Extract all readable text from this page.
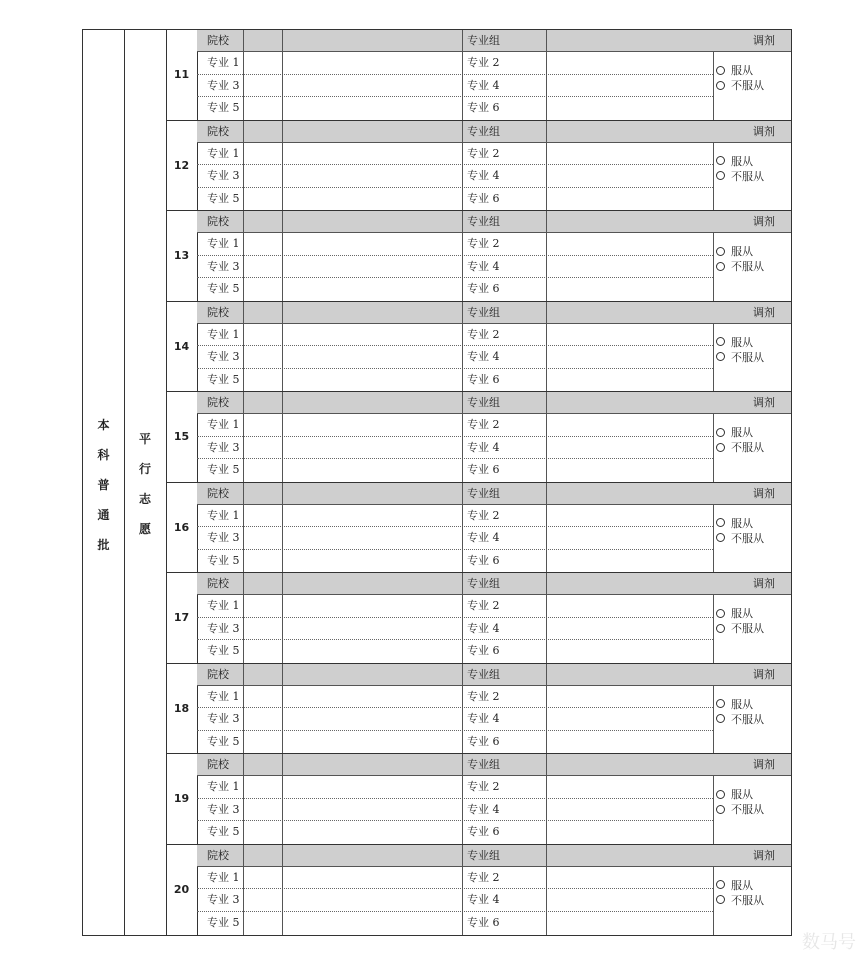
本
科
普
通
批
平
行
志
愿
11
院校	专业组	调剂
专业 1	专业 2
专业 3	专业 4
专业 5	专业 6
服从
不服从
12
院校	专业组	调剂
专业 1	专业 2
专业 3	专业 4
专业 5	专业 6
服从
不服从
13
院校	专业组	调剂
专业 1	专业 2
专业 3	专业 4
专业 5	专业 6
服从
不服从
14
院校	专业组	调剂
专业 1	专业 2
专业 3	专业 4
专业 5	专业 6
服从
不服从
15
院校	专业组	调剂
专业 1	专业 2
专业 3	专业 4
专业 5	专业 6
服从
不服从
16
院校	专业组	调剂
专业 1	专业 2
专业 3	专业 4
专业 5	专业 6
服从
不服从
17
院校	专业组	调剂
专业 1	专业 2
专业 3	专业 4
专业 5	专业 6
服从
不服从
18
院校	专业组	调剂
专业 1	专业 2
专业 3	专业 4
专业 5	专业 6
服从
不服从
19
院校	专业组	调剂
专业 1	专业 2
专业 3	专业 4
专业 5	专业 6
服从
不服从
20
院校	专业组	调剂
专业 1	专业 2
专业 3	专业 4
专业 5	专业 6
服从
不服从
数马号
